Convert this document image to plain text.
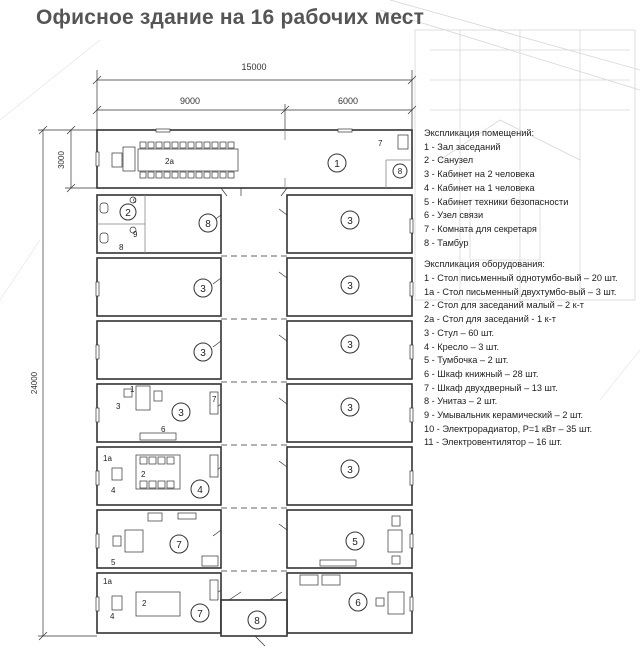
Офисное здание на 16 рабочих мест
15000
9000	6000
3000
24000
1
2
8	3
3	3
3
3
3	3
4
3
7	5
7
6
8
8
2а
7
9
9
8
1
3
7
6
1а
2
4
5
1а
2
4

Экспликация помещений:

1 - Зал заседаний

2 - Санузел

3 - Кабинет на 2 человека

4 - Кабинет на 1 человека

5 - Кабинет техники безопасности

6 - Узел связи

7 - Комната для секретаря

8 - Тамбур

Экспликация оборудования:

1 - Стол письменный однотумбо-вый – 20 шт.

1а - Стол письменный двухтумбо-вый – 3 шт.

2 - Стол для заседаний малый – 2 к-т

2а - Стол для заседаний - 1 к-т

3 - Стул – 60 шт.

4 - Кресло – 3 шт.

5 - Тумбочка – 2 шт.

6 - Шкаф книжный – 28 шт.

7 - Шкаф двухдверный – 13 шт.

8 - Унитаз – 2 шт.

9 - Умывальник керамический – 2 шт.

10 - Электрорадиатор, Р=1 кВт – 35 шт.

11 - Электровентилятор – 16 шт.
